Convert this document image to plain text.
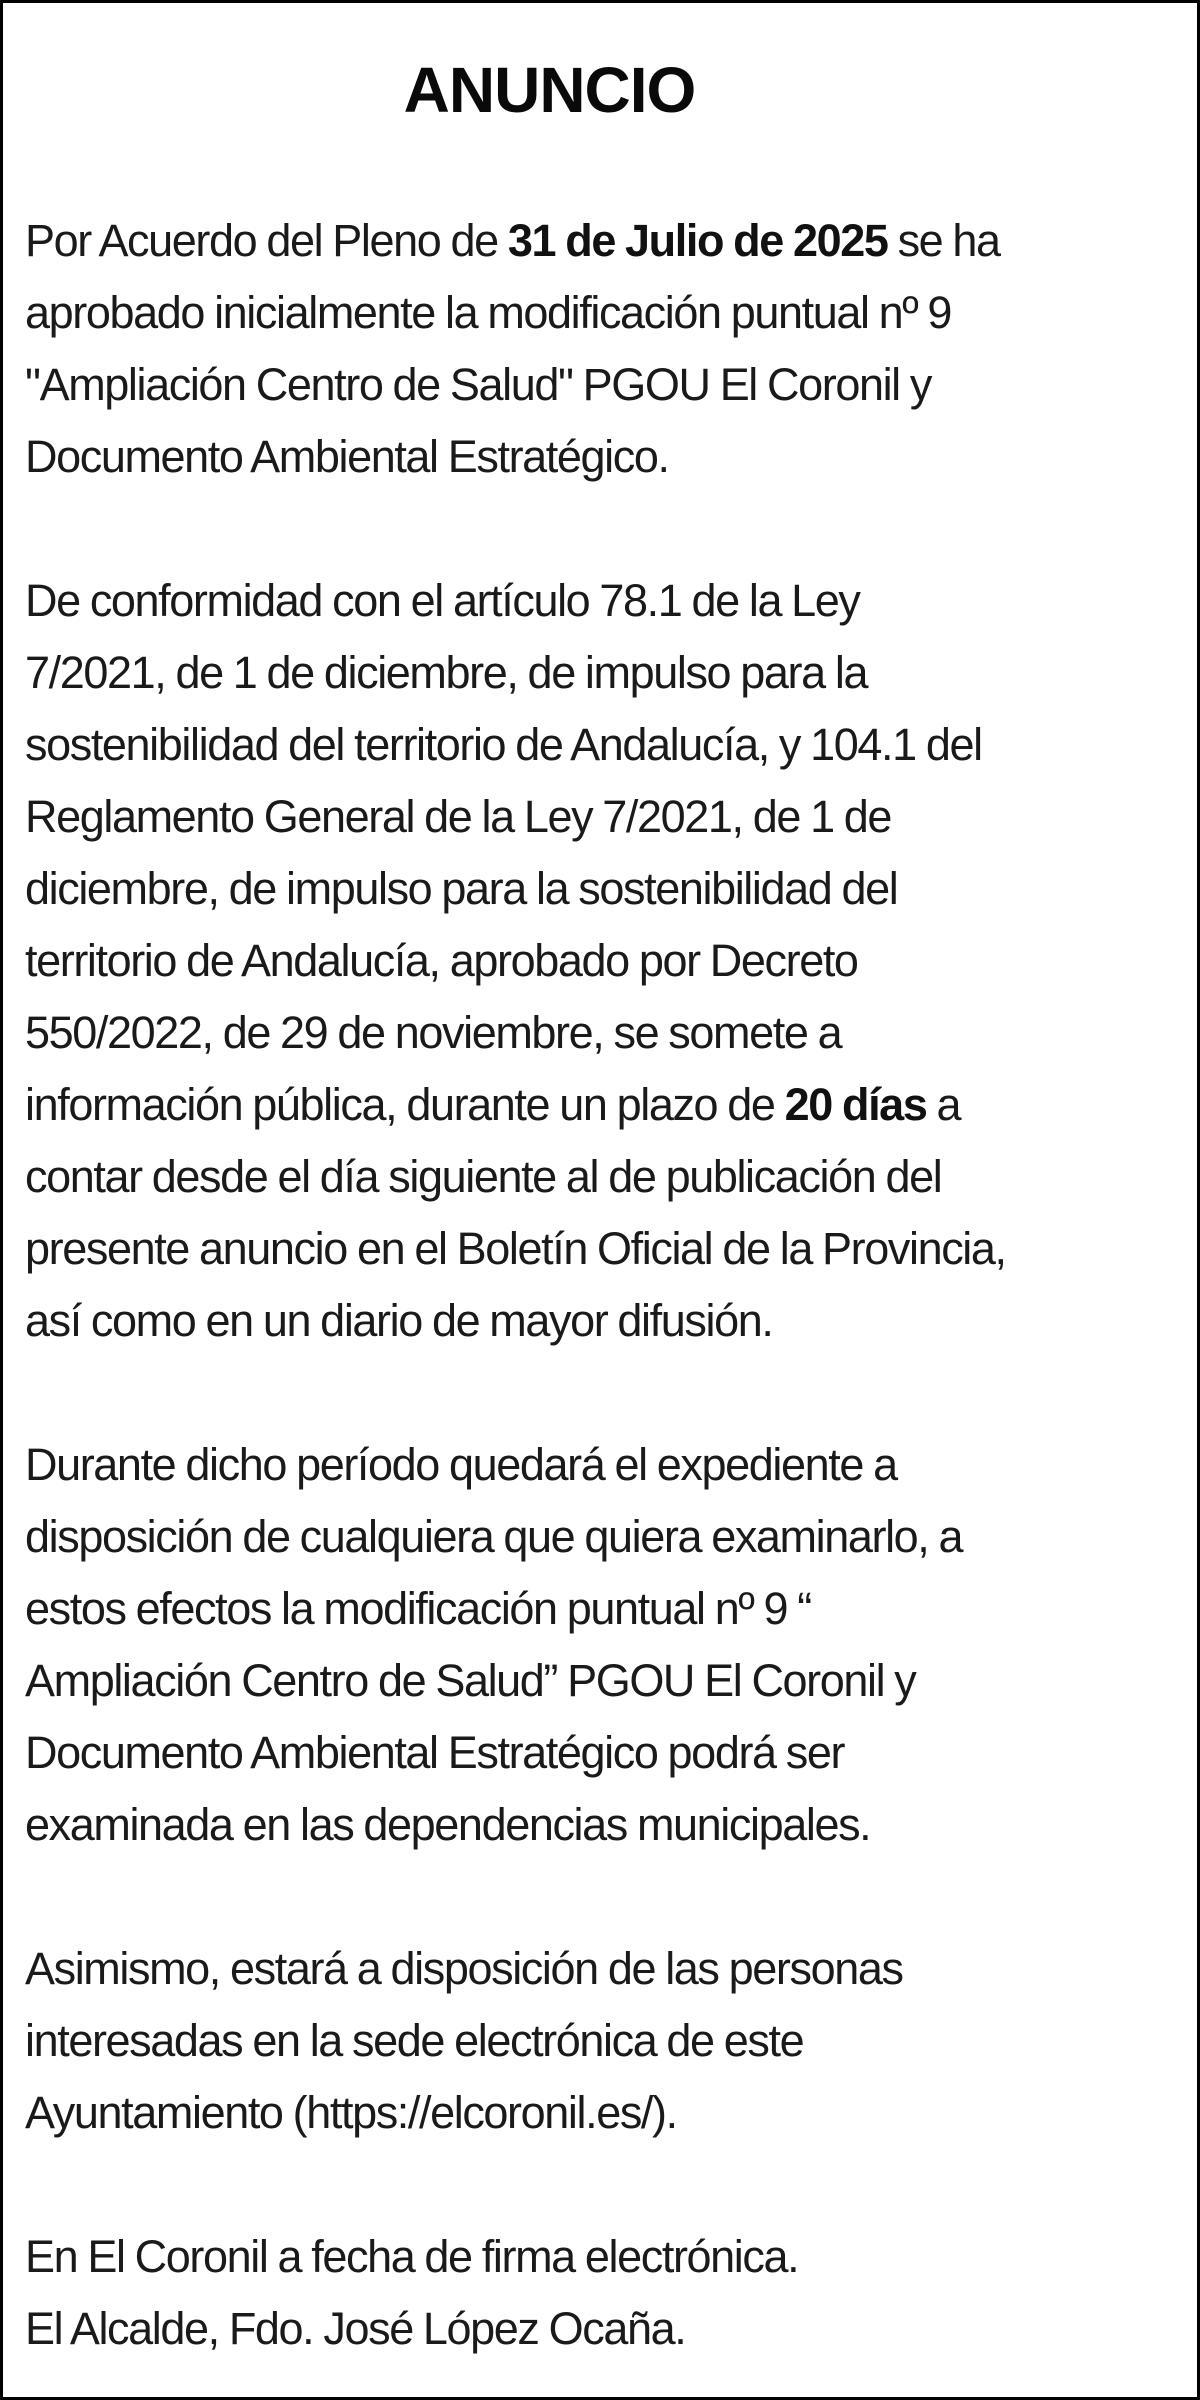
ANUNCIO

Por Acuerdo del Pleno de 31 de Julio de 2025 se ha
aprobado inicialmente la modificación puntual nº 9
"Ampliación Centro de Salud" PGOU El Coronil y
Documento Ambiental Estratégico.

De conformidad con el artículo 78.1 de la Ley
7/2021, de 1 de diciembre, de impulso para la
sostenibilidad del territorio de Andalucía, y 104.1 del
Reglamento General de la Ley 7/2021, de 1 de
diciembre, de impulso para la sostenibilidad del
territorio de Andalucía, aprobado por Decreto
550/2022, de 29 de noviembre, se somete a
información pública, durante un plazo de 20 días a
contar desde el día siguiente al de publicación del
presente anuncio en el Boletín Oficial de la Provincia,
así como en un diario de mayor difusión.

Durante dicho período quedará el expediente a
disposición de cualquiera que quiera examinarlo, a
estos efectos la modificación puntual nº 9 “
Ampliación Centro de Salud” PGOU El Coronil y
Documento Ambiental Estratégico podrá ser
examinada en las dependencias municipales.

Asimismo, estará a disposición de las personas
interesadas en la sede electrónica de este
Ayuntamiento (https://elcoronil.es/).

En El Coronil a fecha de firma electrónica.
El Alcalde, Fdo. José López Ocaña.
